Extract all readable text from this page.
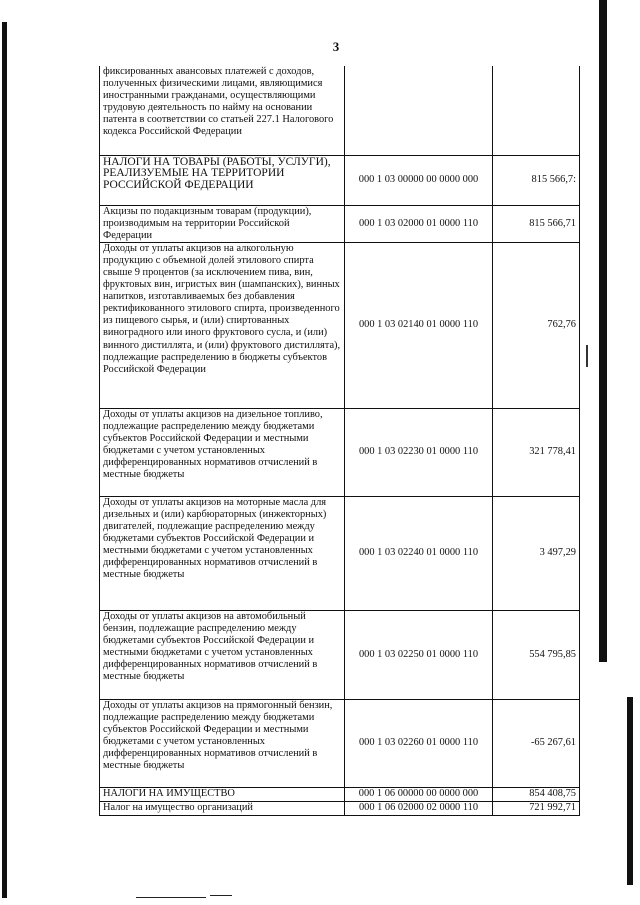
3
фиксированных авансовых платежей с доходов, полученных физическими лицами, являющимися иностранными гражданами, осуществляющими трудовую деятельность по найму на основании патента в соответствии со статьей 227.1 Налогового кодекса Российской Федерации		
НАЛОГИ НА ТОВАРЫ (РАБОТЫ, УСЛУГИ), РЕАЛИЗУЕМЫЕ НА ТЕРРИТОРИИ РОССИЙСКОЙ ФЕДЕРАЦИИ	000 1 03 00000 00 0000 000	815 566,7:
Акцизы по подакцизным товарам (продукции), производимым на территории Российской Федерации	000 1 03 02000 01 0000 110	815 566,71
Доходы от уплаты акцизов на алкогольную продукцию с объемной долей этилового спирта свыше 9 процентов (за исключением пива, вин, фруктовых вин, игристых вин (шампанских), винных напитков, изготавливаемых без добавления ректификованного этилового спирта, произведенного из пищевого сырья, и (или) спиртованных виноградного или иного фруктового сусла, и (или) винного дистиллята, и (или) фруктового дистиллята), подлежащие распределению в бюджеты субъектов Российской Федерации	000 1 03 02140 01 0000 110	762,76
Доходы от уплаты акцизов на дизельное топливо, подлежащие распределению между бюджетами субъектов Российской Федерации и местными бюджетами с учетом установленных дифференцированных нормативов отчислений в местные бюджеты	000 1 03 02230 01 0000 110	321 778,41
Доходы от уплаты акцизов на моторные масла для дизельных и (или) карбюраторных (инжекторных) двигателей, подлежащие распределению между бюджетами субъектов Российской Федерации и местными бюджетами с учетом установленных дифференцированных нормативов отчислений в местные бюджеты	000 1 03 02240 01 0000 110	3 497,29
Доходы от уплаты акцизов на автомобильный бензин, подлежащие распределению между бюджетами субъектов Российской Федерации и местными бюджетами с учетом установленных дифференцированных нормативов отчислений в местные бюджеты	000 1 03 02250 01 0000 110	554 795,85
Доходы от уплаты акцизов на прямогонный бензин, подлежащие распределению между бюджетами субъектов Российской Федерации и местными бюджетами с учетом установленных дифференцированных нормативов отчислений в местные бюджеты	000 1 03 02260 01 0000 110	-65 267,61
НАЛОГИ НА ИМУЩЕСТВО	000 1 06 00000 00 0000 000	854 408,75
Налог на имущество организаций	000 1 06 02000 02 0000 110	721 992,71
